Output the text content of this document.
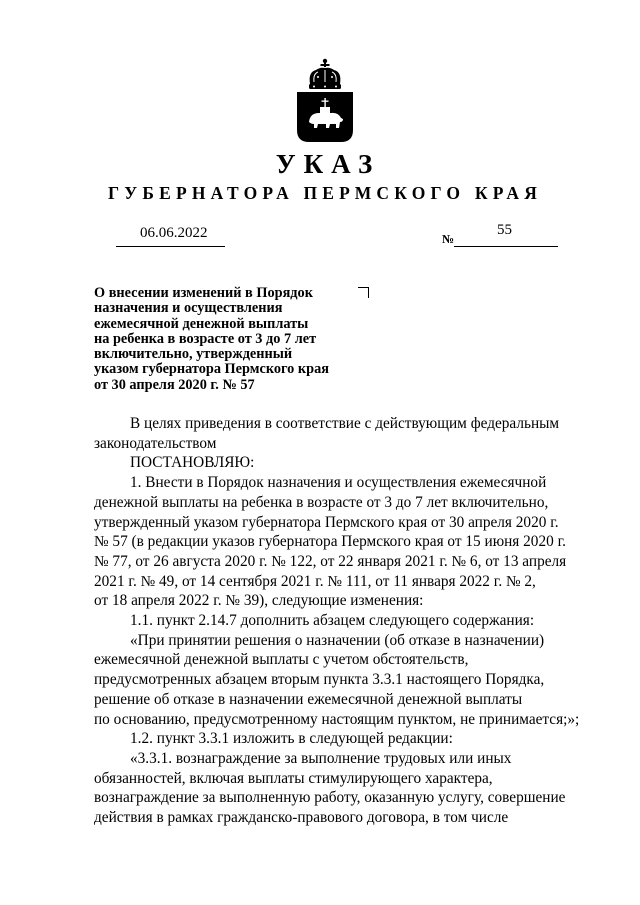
УКАЗ
ГУБЕРНАТОРА ПЕРМСКОГО КРАЯ
06.06.2022	№
55
О внесении изменений в Порядок
назначения и осуществления
ежемесячной денежной выплаты
на ребенка в возрасте от 3 до 7 лет
включительно, утвержденный
указом губернатора Пермского края
от 30 апреля 2020 г. № 57
В целях приведения в соответствие с действующим федеральным
законодательством
ПОСТАНОВЛЯЮ:
1. Внести в Порядок назначения и осуществления ежемесячной
денежной выплаты на ребенка в возрасте от 3 до 7 лет включительно,
утвержденный указом губернатора Пермского края от 30 апреля 2020 г.
№ 57 (в редакции указов губернатора Пермского края от 15 июня 2020 г.
№ 77, от 26 августа 2020 г. № 122, от 22 января 2021 г. № 6, от 13 апреля
2021 г. № 49, от 14 сентября 2021 г. № 111, от 11 января 2022 г. № 2,
от 18 апреля 2022 г. № 39), следующие изменения:
1.1. пункт 2.14.7 дополнить абзацем следующего содержания:
«При принятии решения о назначении (об отказе в назначении)
ежемесячной денежной выплаты с учетом обстоятельств,
предусмотренных абзацем вторым пункта 3.3.1 настоящего Порядка,
решение об отказе в назначении ежемесячной денежной выплаты
по основанию, предусмотренному настоящим пунктом, не принимается;»;
1.2. пункт 3.3.1 изложить в следующей редакции:
«3.3.1. вознаграждение за выполнение трудовых или иных
обязанностей, включая выплаты стимулирующего характера,
вознаграждение за выполненную работу, оказанную услугу, совершение
действия в рамках гражданско-правового договора, в том числе
